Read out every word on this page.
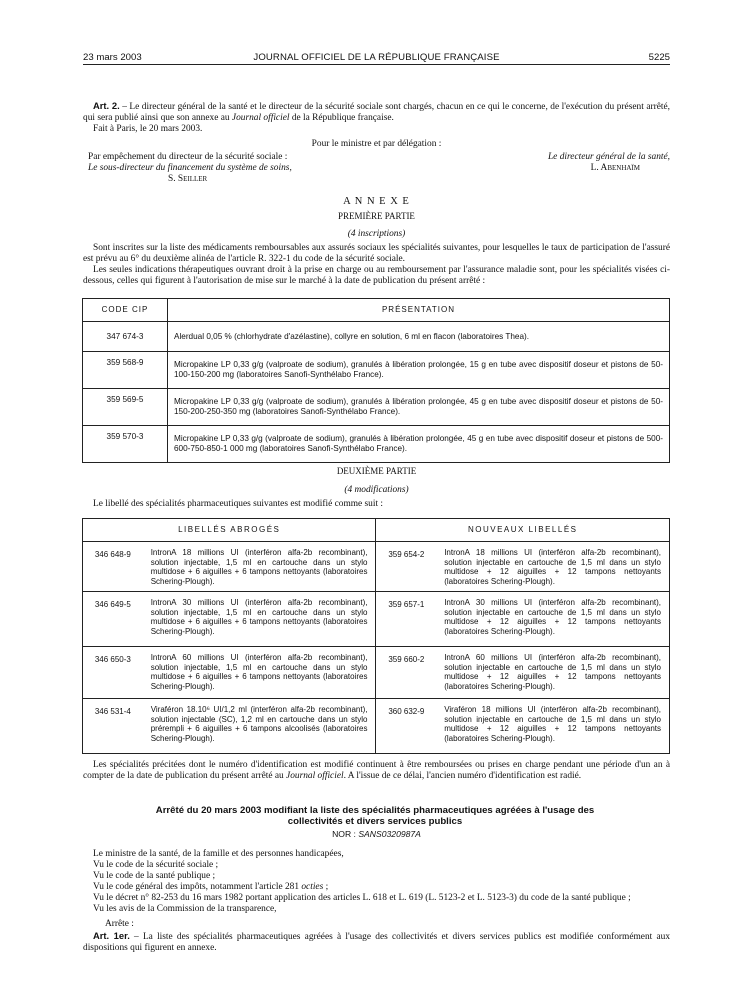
23 mars 2003	JOURNAL OFFICIEL DE LA RÉPUBLIQUE FRANÇAISE	5225

Art. 2. – Le directeur général de la santé et le directeur de la sécurité sociale sont chargés, chacun en ce qui le concerne, de l'exécution du présent arrêté, qui sera publié ainsi que son annexe au Journal officiel de la République française.

Fait à Paris, le 20 mars 2003.

Pour le ministre et par délégation :
Par empêchement du directeur de la sécurité sociale :
Le sous-directeur du financement du système de soins,
S. Seiller
Le directeur général de la santé,
L. Abenhaïm
A N N E X E
PREMIÈRE PARTIE
(4 inscriptions)

Sont inscrites sur la liste des médicaments remboursables aux assurés sociaux les spécialités suivantes, pour lesquelles le taux de participation de l'assuré est prévu au 6° du deuxième alinéa de l'article R. 322-1 du code de la sécurité sociale.

Les seules indications thérapeutiques ouvrant droit à la prise en charge ou au remboursement par l'assurance maladie sont, pour les spécialités visées ci-dessous, celles qui figurent à l'autorisation de mise sur le marché à la date de publication du présent arrêté :

CODE CIP	PRÉSENTATION
347 674-3	Alerdual 0,05 % (chlorhydrate d'azélastine), collyre en solution, 6 ml en flacon (laboratoires Thea).
359 568-9	Micropakine LP 0,33 g/g (valproate de sodium), granulés à libération prolongée, 15 g en tube avec dispositif doseur et pistons de 50-100-150-200 mg (laboratoires Sanofi-Synthélabo France).
359 569-5	Micropakine LP 0,33 g/g (valproate de sodium), granulés à libération prolongée, 45 g en tube avec dispositif doseur et pistons de 50-150-200-250-350 mg (laboratoires Sanofi-Synthélabo France).
359 570-3	Micropakine LP 0,33 g/g (valproate de sodium), granulés à libération prolongée, 45 g en tube avec dispositif doseur et pistons de 500-600-750-850-1 000 mg (laboratoires Sanofi-Synthélabo France).
DEUXIÈME PARTIE
(4 modifications)

Le libellé des spécialités pharmaceutiques suivantes est modifié comme suit :

LIBELLÉS ABROGÉS		NOUVEAUX LIBELLÉS	
346 648-9	IntronA 18 millions UI (interféron alfa-2b recombinant), solution injectable, 1,5 ml en cartouche dans un stylo multidose + 6 aiguilles + 6 tampons nettoyants (laboratoires Schering-Plough).	359 654-2	IntronA 18 millions UI (interféron alfa-2b recombinant), solution injectable en cartouche de 1,5 ml dans un stylo multidose + 12 aiguilles + 12 tampons nettoyants (laboratoires Schering-Plough).
346 649-5	IntronA 30 millions UI (interféron alfa-2b recombinant), solution injectable, 1,5 ml en cartouche dans un stylo multidose + 6 aiguilles + 6 tampons nettoyants (laboratoires Schering-Plough).	359 657-1	IntronA 30 millions UI (interféron alfa-2b recombinant), solution injectable en cartouche de 1,5 ml dans un stylo multidose + 12 aiguilles + 12 tampons nettoyants (laboratoires Schering-Plough).
346 650-3	IntronA 60 millions UI (interféron alfa-2b recombinant), solution injectable, 1,5 ml en cartouche dans un stylo multidose + 6 aiguilles + 6 tampons nettoyants (laboratoires Schering-Plough).	359 660-2	IntronA 60 millions UI (interféron alfa-2b recombinant), solution injectable en cartouche de 1,5 ml dans un stylo multidose + 12 aiguilles + 12 tampons nettoyants (laboratoires Schering-Plough).
346 531-4	Viraféron 18.10⁶ UI/1,2 ml (interféron alfa-2b recombinant), solution injectable (SC), 1,2 ml en cartouche dans un stylo prérempli + 6 aiguilles + 6 tampons alcoolisés (laboratoires Schering-Plough).	360 632-9	Viraféron 18 millions UI (interféron alfa-2b recombinant), solution injectable en cartouche de 1,5 ml dans un stylo multidose + 12 aiguilles + 12 tampons nettoyants (laboratoires Schering-Plough).

Les spécialités précitées dont le numéro d'identification est modifié continuent à être remboursées ou prises en charge pendant une période d'un an à compter de la date de publication du présent arrêté au Journal officiel. A l'issue de ce délai, l'ancien numéro d'identification est radié.

Arrêté du 20 mars 2003 modifiant la liste des spécialités pharmaceutiques agréées à l'usage des collectivités et divers services publics
NOR : SANS0320987A

Le ministre de la santé, de la famille et des personnes handicapées,

Vu le code de la sécurité sociale ;

Vu le code de la santé publique ;

Vu le code général des impôts, notamment l'article 281 octies ;

Vu le décret n° 82-253 du 16 mars 1982 portant application des articles L. 618 et L. 619 (L. 5123-2 et L. 5123-3) du code de la santé publique ;

Vu les avis de la Commission de la transparence,

Arrête :

Art. 1er. – La liste des spécialités pharmaceutiques agréées à l'usage des collectivités et divers services publics est modifiée conformément aux dispositions qui figurent en annexe.
